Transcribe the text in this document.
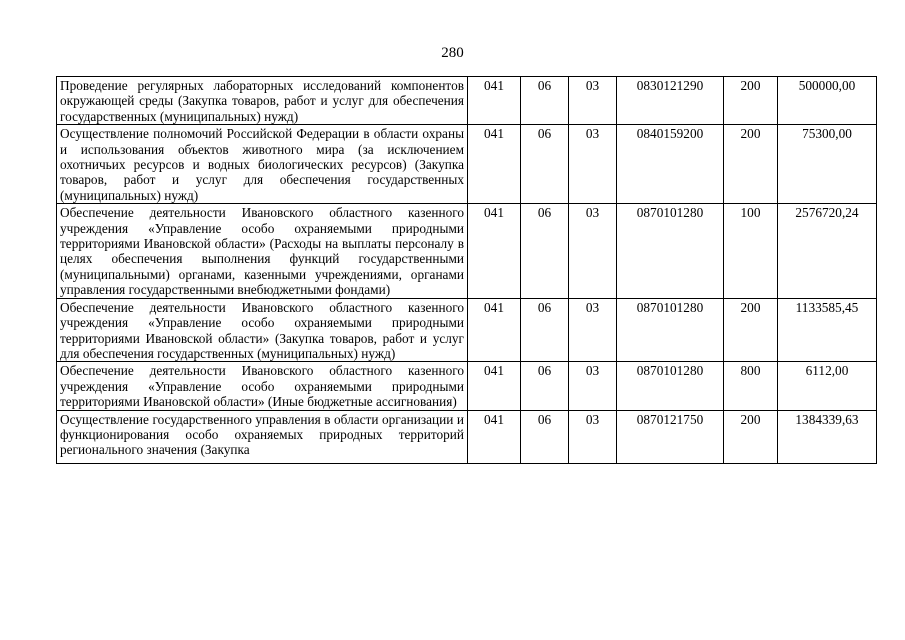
280
Проведение регулярных лабораторных исследований компонентов окружающей среды (Закупка товаров, работ и услуг для обеспечения государственных (муниципальных) нужд)	041	06	03	0830121290	200	500000,00
Осуществление полномочий Российской Федерации в области охраны и использования объектов животного мира (за исключением охотничьих ресурсов и водных биологических ресурсов) (Закупка товаров, работ и услуг для обеспечения государственных (муниципальных) нужд)	041	06	03	0840159200	200	75300,00
Обеспечение деятельности Ивановского областного казенного учреждения «Управление особо охраняемыми природными территориями Ивановской области» (Расходы на выплаты персоналу в целях обеспечения выполнения функций государственными (муниципальными) органами, казенными учреждениями, органами управления государственными внебюджетными фондами)	041	06	03	0870101280	100	2576720,24
Обеспечение деятельности Ивановского областного казенного учреждения «Управление особо охраняемыми природными территориями Ивановской области» (Закупка товаров, работ и услуг для обеспечения государственных (муниципальных) нужд)	041	06	03	0870101280	200	1133585,45
Обеспечение деятельности Ивановского областного казенного учреждения «Управление особо охраняемыми природными территориями Ивановской области» (Иные бюджетные ассигнования)	041	06	03	0870101280	800	6112,00
Осуществление государственного управления в области организации и функционирования особо охраняемых природных территорий регионального значения (Закупка	041	06	03	0870121750	200	1384339,63
